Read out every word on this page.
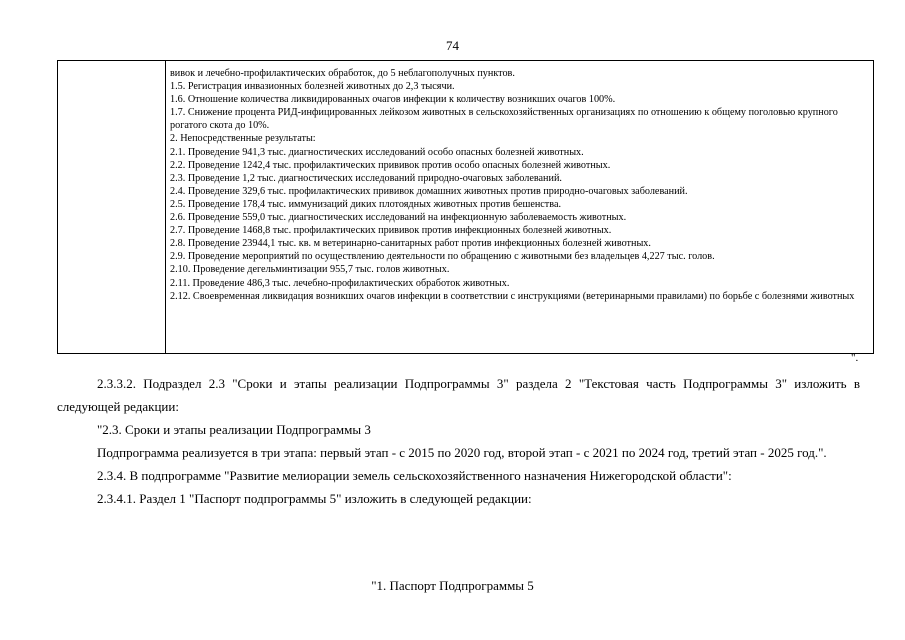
74
вивок и лечебно-профилактических обработок, до 5 неблагополучных пунктов.
1.5. Регистрация инвазионных болезней животных до 2,3 тысячи.
1.6. Отношение количества ликвидированных очагов инфекции к количеству возникших очагов 100%.
1.7. Снижение процента РИД-инфицированных лейкозом животных в сельскохозяйственных организациях по отношению к общему поголовью крупного рогатого скота до 10%.
2. Непосредственные результаты:
2.1. Проведение 941,3 тыс. диагностических исследований особо опасных болезней животных.
2.2. Проведение 1242,4 тыс. профилактических прививок против особо опасных болезней животных.
2.3. Проведение 1,2 тыс. диагностических исследований природно-очаговых заболеваний.
2.4. Проведение 329,6 тыс. профилактических прививок домашних животных против природно-очаговых заболеваний.
2.5. Проведение 178,4 тыс. иммунизаций диких плотоядных животных против бешенства.
2.6. Проведение 559,0 тыс. диагностических исследований на инфекционную заболеваемость животных.
2.7. Проведение 1468,8 тыс. профилактических прививок против инфекционных болезней животных.
2.8. Проведение 23944,1 тыс. кв. м ветеринарно-санитарных работ против инфекционных болезней животных.
2.9. Проведение мероприятий по осуществлению деятельности по обращению с животными без владельцев 4,227 тыс. голов.
2.10. Проведение дегельминтизации 955,7 тыс. голов животных.
2.11. Проведение 486,3 тыс. лечебно-профилактических обработок животных.
2.12. Своевременная ликвидация возникших очагов инфекции в соответствии с инструкциями (ветеринарными правилами) по борьбе с болезнями животных
".
2.3.3.2. Подраздел 2.3 "Сроки и этапы реализации Подпрограммы 3" раздела 2 "Текстовая часть Подпрограммы 3" изложить в следующей редакции:
"2.3. Сроки и этапы реализации Подпрограммы 3
Подпрограмма реализуется в три этапа: первый этап - с 2015 по 2020 год, второй этап - с 2021 по 2024 год, третий этап - 2025 год.".
2.3.4. В подпрограмме "Развитие мелиорации земель сельскохозяйственного назначения Нижегородской области":
2.3.4.1. Раздел 1 "Паспорт подпрограммы 5" изложить в следующей редакции:
"1. Паспорт Подпрограммы 5
